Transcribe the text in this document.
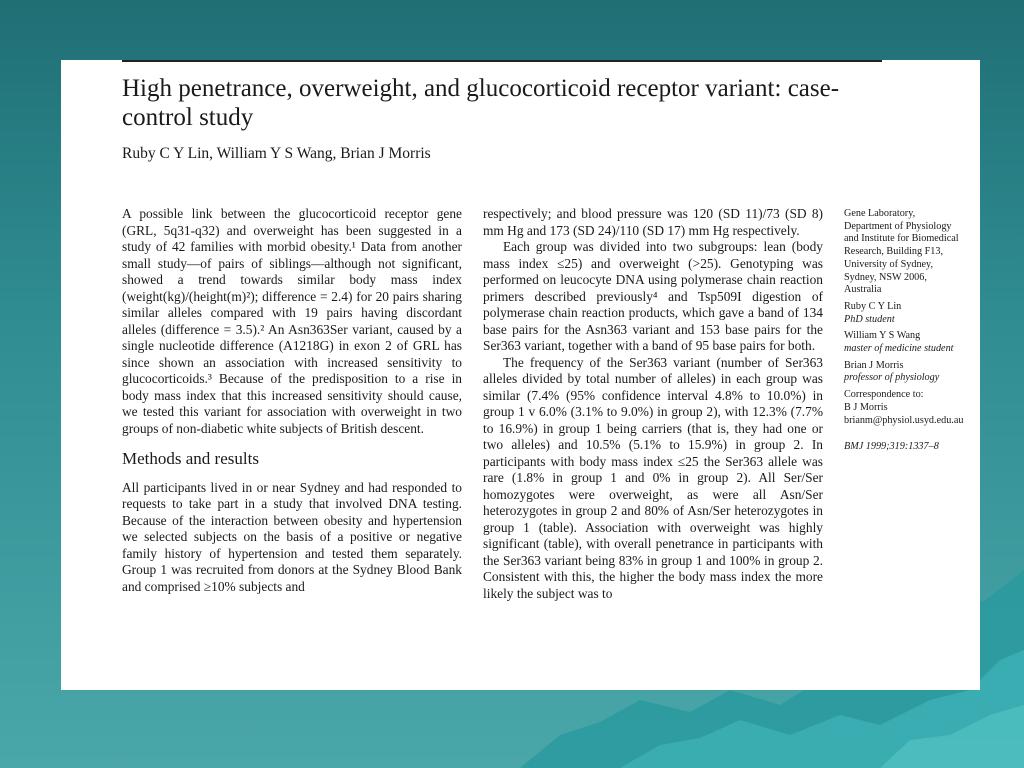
High penetrance, overweight, and glucocorticoid receptor variant: case-control study
Ruby C Y Lin, William Y S Wang, Brian J Morris

A possible link between the glucocorticoid receptor gene (GRL, 5q31-q32) and overweight has been suggested in a study of 42 families with morbid obesity.¹ Data from another small study—of pairs of siblings—although not significant, showed a trend towards similar body mass index (weight(kg)/(height(m)²); difference = 2.4) for 20 pairs sharing similar alleles compared with 19 pairs having discordant alleles (difference = 3.5).² An Asn363Ser variant, caused by a single nucleotide difference (A1218G) in exon 2 of GRL has since shown an association with increased sensitivity to glucocorticoids.³ Because of the predisposition to a rise in body mass index that this increased sensitivity should cause, we tested this variant for association with overweight in two groups of non-diabetic white subjects of British descent.

Methods and results

All participants lived in or near Sydney and had responded to requests to take part in a study that involved DNA testing. Because of the interaction between obesity and hypertension we selected subjects on the basis of a positive or negative family history of hypertension and tested them separately. Group 1 was recruited from donors at the Sydney Blood Bank and comprised ≥10% subjects and

respectively; and blood pressure was 120 (SD 11)/73 (SD 8) mm Hg and 173 (SD 24)/110 (SD 17) mm Hg respectively.

Each group was divided into two subgroups: lean (body mass index ≤25) and overweight (>25). Genotyping was performed on leucocyte DNA using polymerase chain reaction primers described previously⁴ and Tsp509I digestion of polymerase chain reaction products, which gave a band of 134 base pairs for the Asn363 variant and 153 base pairs for the Ser363 variant, together with a band of 95 base pairs for both.

The frequency of the Ser363 variant (number of Ser363 alleles divided by total number of alleles) in each group was similar (7.4% (95% confidence interval 4.8% to 10.0%) in group 1 v 6.0% (3.1% to 9.0%) in group 2), with 12.3% (7.7% to 16.9%) in group 1 being carriers (that is, they had one or two alleles) and 10.5% (5.1% to 15.9%) in group 2. In participants with body mass index ≤25 the Ser363 allele was rare (1.8% in group 1 and 0% in group 2). All Ser/Ser homozygotes were overweight, as were all Asn/Ser heterozygotes in group 2 and 80% of Asn/Ser heterozygotes in group 1 (table). Association with overweight was highly significant (table), with overall penetrance in participants with the Ser363 variant being 83% in group 1 and 100% in group 2. Consistent with this, the higher the body mass index the more likely the subject was to

Gene Laboratory, Department of Physiology and Institute for Biomedical Research, Building F13, University of Sydney, Sydney, NSW 2006, Australia
Ruby C Y Lin
PhD student
William Y S Wang
master of medicine student
Brian J Morris
professor of physiology
Correspondence to:
B J Morris
brianm@physiol.usyd.edu.au
BMJ 1999;319:1337–8
